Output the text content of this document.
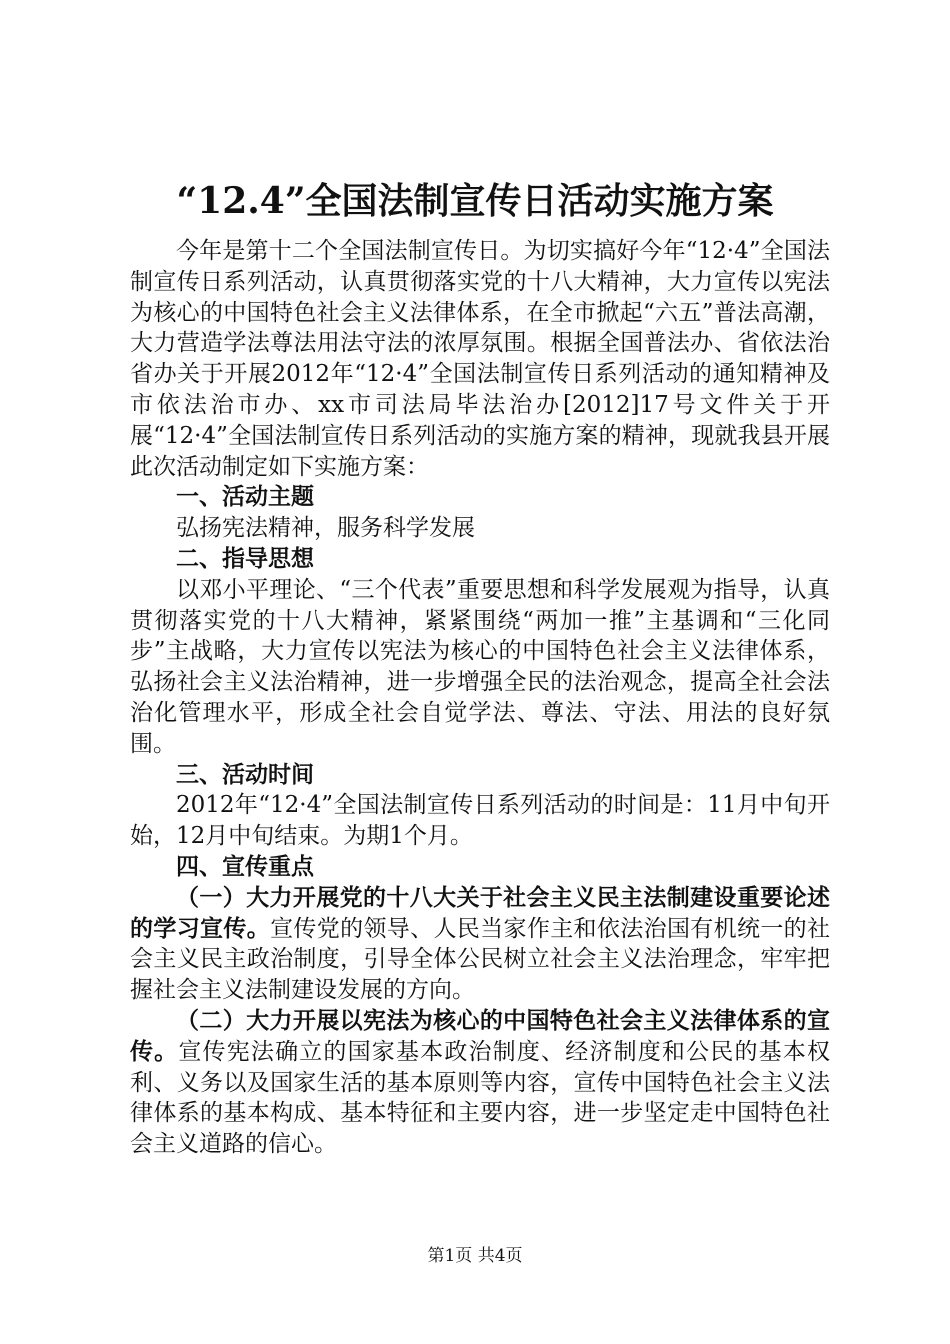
“12.4”全国法制宣传日活动实施方案

今年是第十二个全国法制宣传日。为切实搞好今年“12·4”全国法制宣传日系列活动，认真贯彻落实党的十八大精神，大力宣传以宪法为核心的中国特色社会主义法律体系，在全市掀起“六五”普法高潮，大力营造学法尊法用法守法的浓厚氛围。根据全国普法办、省依法治省办关于开展2012年“12·4”全国法制宣传日系列活动的通知精神及市依法治市办、xx市司法局毕法治办[2012]17号文件关于开展“12·4”全国法制宣传日系列活动的实施方案的精神，现就我县开展此次活动制定如下实施方案：

一、活动主题

弘扬宪法精神，服务科学发展

二、指导思想

以邓小平理论、“三个代表”重要思想和科学发展观为指导，认真贯彻落实党的十八大精神，紧紧围绕“两加一推”主基调和“三化同步”主战略，大力宣传以宪法为核心的中国特色社会主义法律体系，弘扬社会主义法治精神，进一步增强全民的法治观念，提高全社会法治化管理水平，形成全社会自觉学法、尊法、守法、用法的良好氛围。

三、活动时间

2012年“12·4”全国法制宣传日系列活动的时间是：11月中旬开始，12月中旬结束。为期1个月。

四、宣传重点

（一）大力开展党的十八大关于社会主义民主法制建设重要论述的学习宣传。宣传党的领导、人民当家作主和依法治国有机统一的社会主义民主政治制度，引导全体公民树立社会主义法治理念，牢牢把握社会主义法制建设发展的方向。

（二）大力开展以宪法为核心的中国特色社会主义法律体系的宣传。宣传宪法确立的国家基本政治制度、经济制度和公民的基本权利、义务以及国家生活的基本原则等内容，宣传中国特色社会主义法律体系的基本构成、基本特征和主要内容，进一步坚定走中国特色社会主义道路的信心。

第1页 共4页
